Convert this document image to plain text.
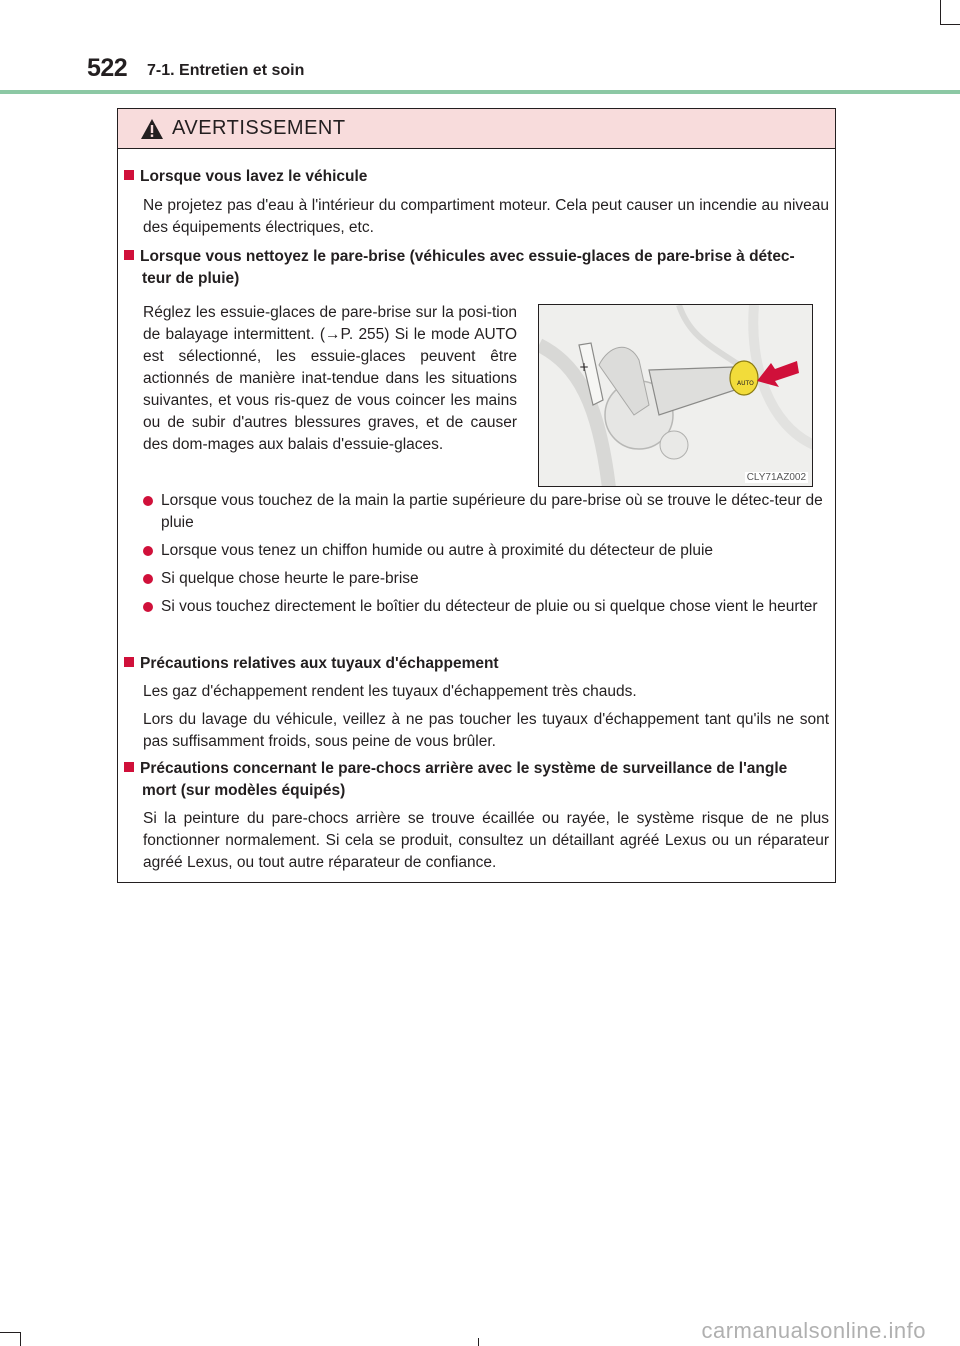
522 7-1. Entretien et soin
AVERTISSEMENT
Lorsque vous lavez le véhicule
Ne projetez pas d'eau à l'intérieur du compartiment moteur. Cela peut causer un incendie au niveau des équipements électriques, etc.
Lorsque vous nettoyez le pare-brise (véhicules avec essuie-glaces de pare-brise à détec-
teur de pluie)
Réglez les essuie-glaces de pare-brise sur la posi-tion de balayage intermittent. (→P. 255) Si le mode AUTO est sélectionné, les essuie-glaces peuvent être actionnés de manière inat-tendue dans les situations suivantes, et vous ris-quez de vous coincer les mains ou de subir d'autres blessures graves, et de causer des dom-mages aux balais d'essuie-glaces.
+
AUTO
CLY71AZ002
Lorsque vous touchez de la main la partie supérieure du pare-brise où se trouve le détec-teur de pluie
Lorsque vous tenez un chiffon humide ou autre à proximité du détecteur de pluie
Si quelque chose heurte le pare-brise
Si vous touchez directement le boîtier du détecteur de pluie ou si quelque chose vient le heurter
Précautions relatives aux tuyaux d'échappement
Les gaz d'échappement rendent les tuyaux d'échappement très chauds.
Lors du lavage du véhicule, veillez à ne pas toucher les tuyaux d'échappement tant qu'ils ne sont pas suffisamment froids, sous peine de vous brûler.
Précautions concernant le pare-chocs arrière avec le système de surveillance de l'angle
mort (sur modèles équipés)
Si la peinture du pare-chocs arrière se trouve écaillée ou rayée, le système risque de ne plus fonctionner normalement. Si cela se produit, consultez un détaillant agréé Lexus ou un réparateur agréé Lexus, ou tout autre réparateur de confiance.
carmanualsonline.info
